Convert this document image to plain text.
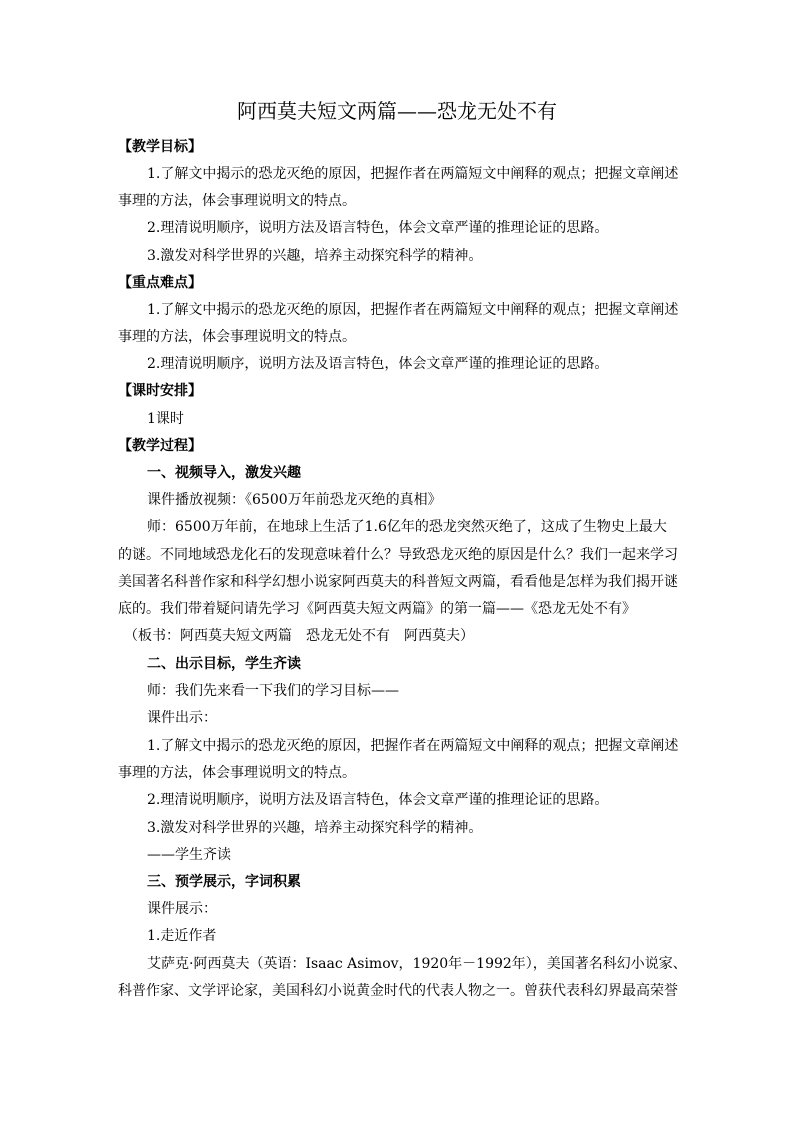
阿西莫夫短文两篇——恐龙无处不有
【教学目标】
1.了解文中揭示的恐龙灭绝的原因，把握作者在两篇短文中阐释的观点；把握文章阐述
事理的方法，体会事理说明文的特点。
2.理清说明顺序，说明方法及语言特色，体会文章严谨的推理论证的思路。
3.激发对科学世界的兴趣，培养主动探究科学的精神。
【重点难点】
1.了解文中揭示的恐龙灭绝的原因，把握作者在两篇短文中阐释的观点；把握文章阐述
事理的方法，体会事理说明文的特点。
2.理清说明顺序，说明方法及语言特色，体会文章严谨的推理论证的思路。
【课时安排】
1课时
【教学过程】
一、视频导入，激发兴趣
课件播放视频：《6500万年前恐龙灭绝的真相》
师：6500万年前，在地球上生活了1.6亿年的恐龙突然灭绝了，这成了生物史上最大
的谜。不同地域恐龙化石的发现意味着什么？导致恐龙灭绝的原因是什么？我们一起来学习
美国著名科普作家和科学幻想小说家阿西莫夫的科普短文两篇，看看他是怎样为我们揭开谜
底的。我们带着疑问请先学习《阿西莫夫短文两篇》的第一篇——《恐龙无处不有》
（板书：阿西莫夫短文两篇　恐龙无处不有　阿西莫夫）
二、出示目标，学生齐读
师：我们先来看一下我们的学习目标——
课件出示：
1.了解文中揭示的恐龙灭绝的原因，把握作者在两篇短文中阐释的观点；把握文章阐述
事理的方法，体会事理说明文的特点。
2.理清说明顺序，说明方法及语言特色，体会文章严谨的推理论证的思路。
3.激发对科学世界的兴趣，培养主动探究科学的精神。
——学生齐读
三、预学展示，字词积累
课件展示：
1.走近作者
艾萨克·阿西莫夫（英语：Isaac Asimov，1920年－1992年），美国著名科幻小说家、
科普作家、文学评论家，美国科幻小说黄金时代的代表人物之一。曾获代表科幻界最高荣誉
